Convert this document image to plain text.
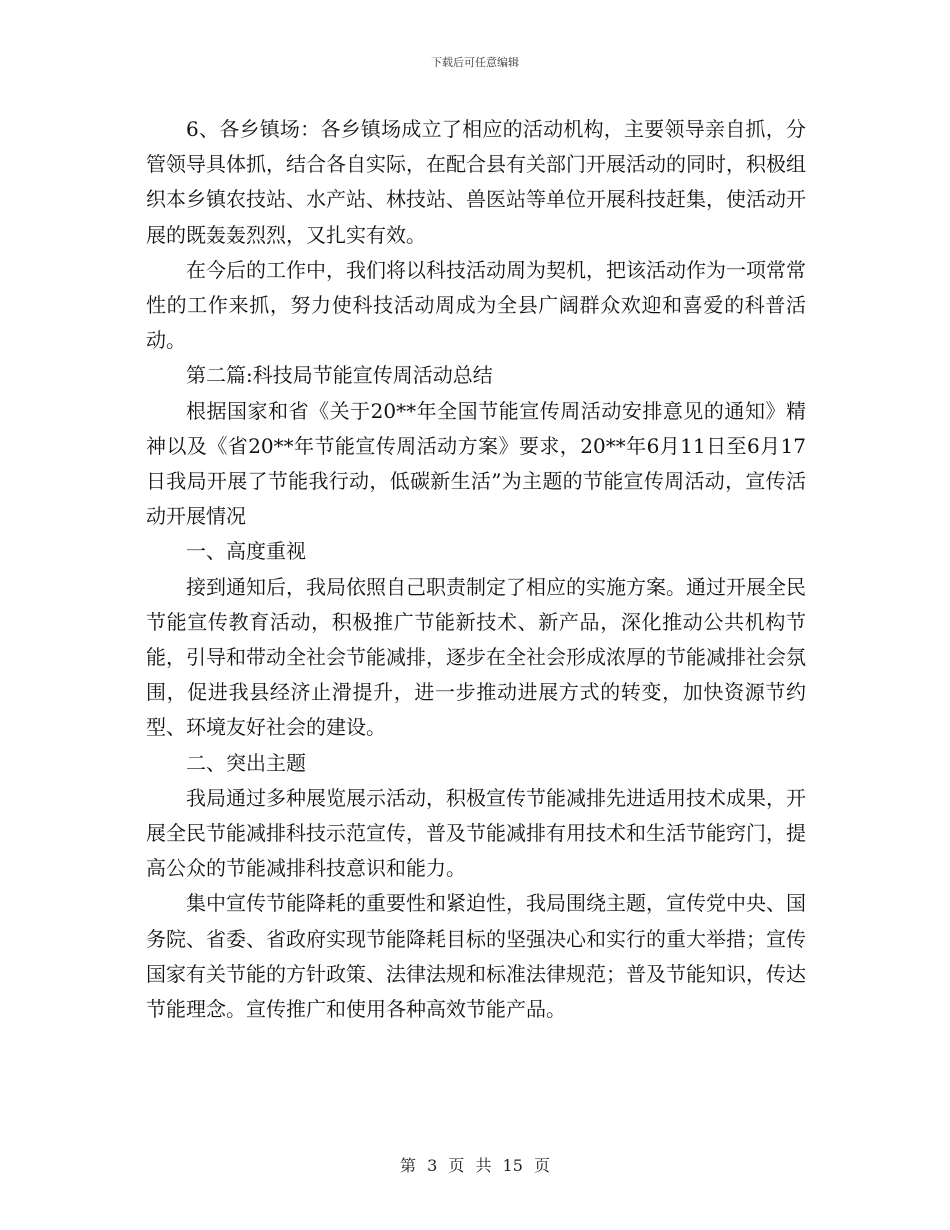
下载后可任意编辑

6、各乡镇场：各乡镇场成立了相应的活动机构，主要领导亲自抓，分管领导具体抓，结合各自实际，在配合县有关部门开展活动的同时，积极组织本乡镇农技站、水产站、林技站、兽医站等单位开展科技赶集，使活动开展的既轰轰烈烈，又扎实有效。

在今后的工作中，我们将以科技活动周为契机，把该活动作为一项常常性的工作来抓，努力使科技活动周成为全县广阔群众欢迎和喜爱的科普活动。

第二篇:科技局节能宣传周活动总结

根据国家和省《关于20**年全国节能宣传周活动安排意见的通知》精神以及《省20**年节能宣传周活动方案》要求，20**年6月11日至6月17日我局开展了节能我行动，低碳新生活”为主题的节能宣传周活动，宣传活动开展情况

一、高度重视

接到通知后，我局依照自己职责制定了相应的实施方案。通过开展全民节能宣传教育活动，积极推广节能新技术、新产品，深化推动公共机构节能，引导和带动全社会节能减排，逐步在全社会形成浓厚的节能减排社会氛围，促进我县经济止滑提升，进一步推动进展方式的转变，加快资源节约型、环境友好社会的建设。

二、突出主题

我局通过多种展览展示活动，积极宣传节能减排先进适用技术成果，开展全民节能减排科技示范宣传，普及节能减排有用技术和生活节能窍门，提高公众的节能减排科技意识和能力。

集中宣传节能降耗的重要性和紧迫性，我局围绕主题，宣传党中央、国务院、省委、省政府实现节能降耗目标的坚强决心和实行的重大举措；宣传国家有关节能的方针政策、法律法规和标准法律规范；普及节能知识，传达节能理念。宣传推广和使用各种高效节能产品。

第 3 页 共 15 页
